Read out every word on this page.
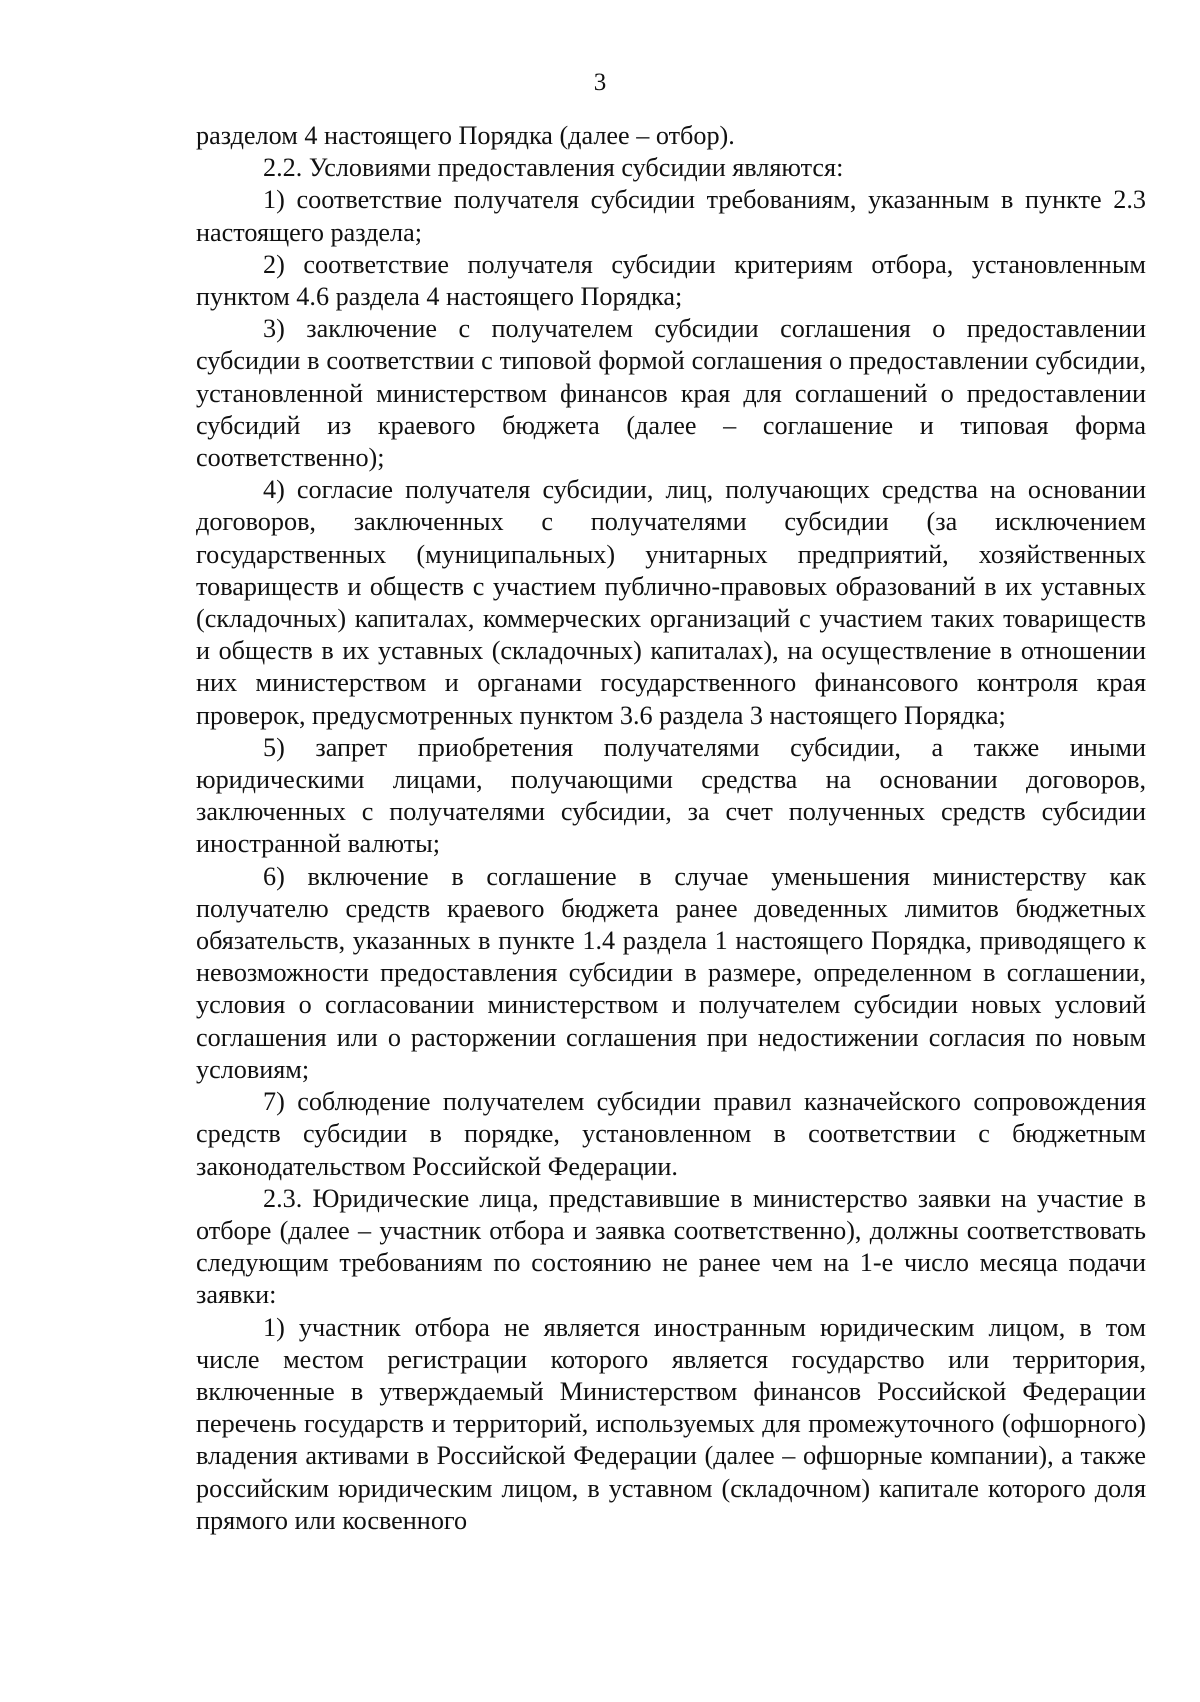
3

разделом 4 настоящего Порядка (далее – отбор).

2.2. Условиями предоставления субсидии являются:

1) соответствие получателя субсидии требованиям, указанным в пункте 2.3 настоящего раздела;

2) соответствие получателя субсидии критериям отбора, установленным пунктом 4.6 раздела 4 настоящего Порядка;

3) заключение с получателем субсидии соглашения о предоставлении субсидии в соответствии с типовой формой соглашения о предоставлении субсидии, установленной министерством финансов края для соглашений о предоставлении субсидий из краевого бюджета (далее – соглашение и типовая форма соответственно);

4) согласие получателя субсидии, лиц, получающих средства на основании договоров, заключенных с получателями субсидии (за исключением государственных (муниципальных) унитарных предприятий, хозяйственных товариществ и обществ с участием публично-правовых образований в их уставных (складочных) капиталах, коммерческих организаций с участием таких товариществ и обществ в их уставных (складочных) капиталах), на осуществление в отношении них министерством и органами государственного финансового контроля края проверок, предусмотренных пунктом 3.6 раздела 3 настоящего Порядка;

5) запрет приобретения получателями субсидии, а также иными юридическими лицами, получающими средства на основании договоров, заключенных с получателями субсидии, за счет полученных средств субсидии иностранной валюты;

6) включение в соглашение в случае уменьшения министерству как получателю средств краевого бюджета ранее доведенных лимитов бюджетных обязательств, указанных в пункте 1.4 раздела 1 настоящего Порядка, приводящего к невозможности предоставления субсидии в размере, определенном в соглашении, условия о согласовании министерством и получателем субсидии новых условий соглашения или о расторжении соглашения при недостижении согласия по новым условиям;

7) соблюдение получателем субсидии правил казначейского сопровождения средств субсидии в порядке, установленном в соответствии с бюджетным законодательством Российской Федерации.

2.3. Юридические лица, представившие в министерство заявки на участие в отборе (далее – участник отбора и заявка соответственно), должны соответствовать следующим требованиям по состоянию не ранее чем на 1-е число месяца подачи заявки:

1) участник отбора не является иностранным юридическим лицом, в том числе местом регистрации которого является государство или территория, включенные в утверждаемый Министерством финансов Российской Федерации перечень государств и территорий, используемых для промежуточного (офшорного) владения активами в Российской Федерации (далее – офшорные компании), а также российским юридическим лицом, в уставном (складочном) капитале которого доля прямого или косвенного
